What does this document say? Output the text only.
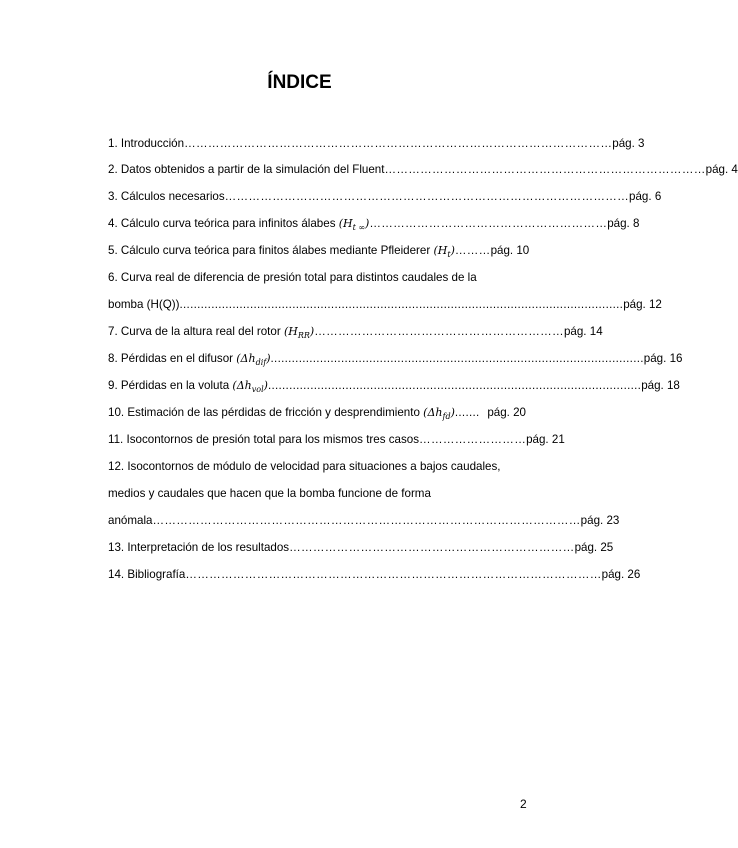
ÍNDICE
1. Introducción ……………………………………………………………………………………………… pág. 3
2. Datos obtenidos a partir de la simulación del Fluent ……………………………………………………………………… pág. 4
3. Cálculos necesarios ………………………………………………………………………………………… pág. 6
4. Cálculo curva teórica para infinitos álabes
$(H_{t \infty})$ …………………………………………………… pág. 8
5. Cálculo curva teórica para finitos álabes mediante Pfleiderer
$(H_t)$ ……… pág. 10
6. Curva real de diferencia de presión total para distintos caudales de la
bomba (H(Q)) .............................................................................................................................. pág. 12
7. Curva de la altura real del rotor
$(H_{RR})$ ……………………………………………………… pág. 14
8. Pérdidas en el difusor
$(\Delta h_{dif})$ .......................................................................................................... pág. 16
9. Pérdidas en la voluta
$(\Delta h_{vol})$ .......................................................................................................... pág. 18
10. Estimación de las pérdidas de fricción y desprendimiento
$(\Delta h_{fd})$ ....... pág. 20
11. Isocontornos de presión total para los mismos tres casos ……………………… pág. 21
12. Isocontornos de módulo de velocidad para situaciones a bajos caudales,
medios y caudales que hacen que la bomba funcione de forma
anómala ……………………………………………………………………………………………… pág. 23
13. Interpretación de los resultados ……………………………………………………………… pág. 25
14. Bibliografía …………………………………………………………………………………………… pág. 26
2
